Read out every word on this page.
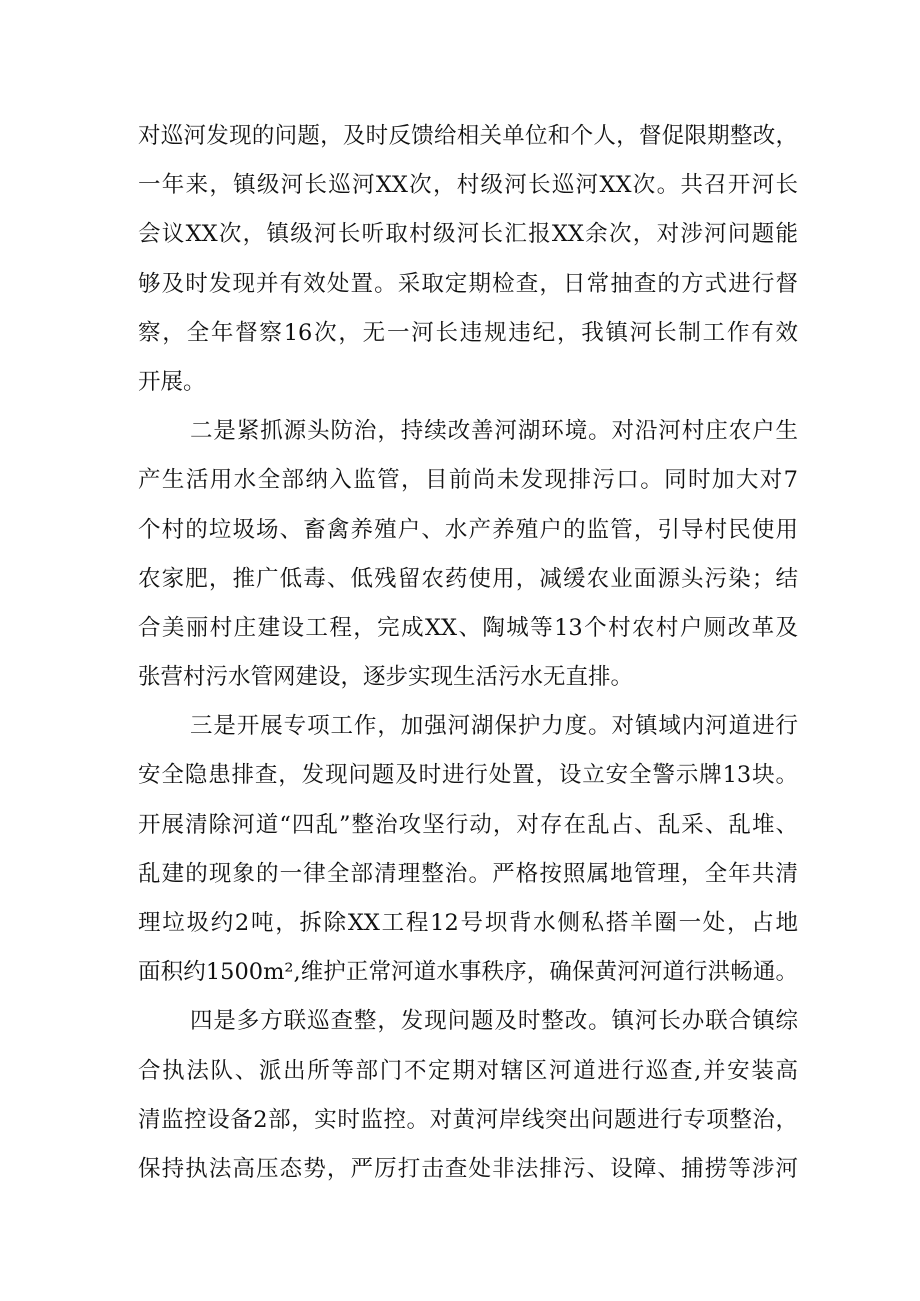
对巡河发现的问题，及时反馈给相关单位和个人，督促限期整改，
一年来，镇级河长巡河XX次，村级河长巡河XX次。共召开河长
会议XX次，镇级河长听取村级河长汇报XX余次，对涉河问题能
够及时发现并有效处置。采取定期检查，日常抽查的方式进行督
察，全年督察16次，无一河长违规违纪，我镇河长制工作有效
开展。
二是紧抓源头防治，持续改善河湖环境。对沿河村庄农户生
产生活用水全部纳入监管，目前尚未发现排污口。同时加大对7
个村的垃圾场、畜禽养殖户、水产养殖户的监管，引导村民使用
农家肥，推广低毒、低残留农药使用，减缓农业面源头污染；结
合美丽村庄建设工程，完成XX、陶城等13个村农村户厕改革及
张营村污水管网建设，逐步实现生活污水无直排。
三是开展专项工作，加强河湖保护力度。对镇域内河道进行
安全隐患排查，发现问题及时进行处置，设立安全警示牌13块。
开展清除河道“四乱”整治攻坚行动，对存在乱占、乱采、乱堆、
乱建的现象的一律全部清理整治。严格按照属地管理，全年共清
理垃圾约2吨，拆除XX工程12号坝背水侧私搭羊圈一处，占地
面积约1500m²,维护正常河道水事秩序，确保黄河河道行洪畅通。
四是多方联巡查整，发现问题及时整改。镇河长办联合镇综
合执法队、派出所等部门不定期对辖区河道进行巡查,并安装高
清监控设备2部，实时监控。对黄河岸线突出问题进行专项整治，
保持执法高压态势，严厉打击查处非法排污、设障、捕捞等涉河
